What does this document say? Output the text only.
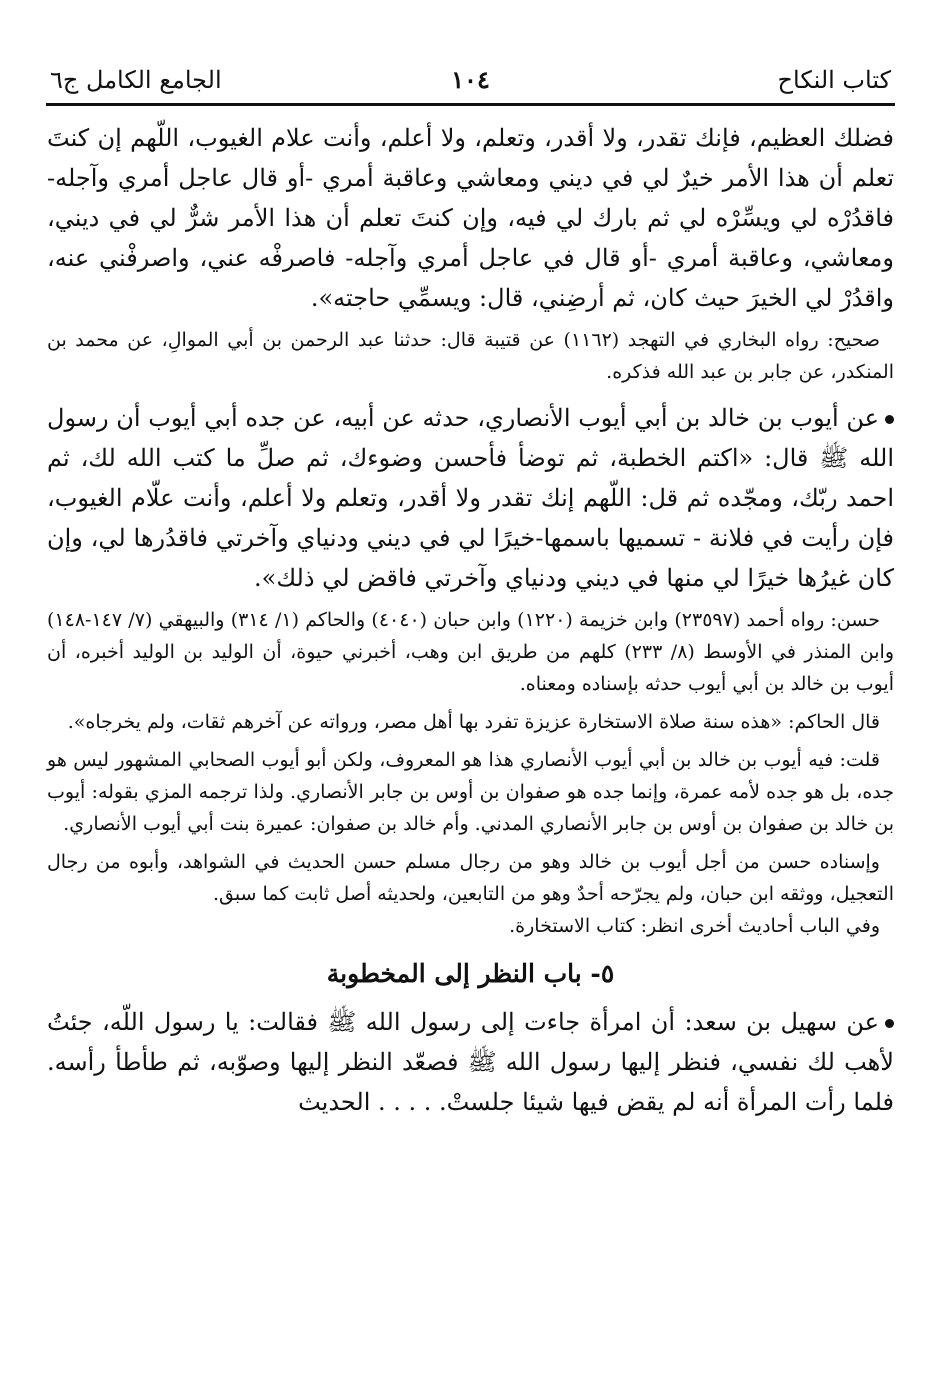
كتاب النكاح
١٠٤
الجامع الكامل ج٦

فضلك العظيم، فإنك تقدر، ولا أقدر، وتعلم، ولا أعلم، وأنت علام الغيوب، اللّهم إن كنتَ تعلم أن هذا الأمر خيرٌ لي في ديني ومعاشي وعاقبة أمري -أو قال عاجل أمري وآجله- فاقدُرْه لي ويسِّرْه لي ثم بارك لي فيه، وإن كنتَ تعلم أن هذا الأمر شرٌّ لي في ديني، ومعاشي، وعاقبة أمري -أو قال في عاجل أمري وآجله- فاصرفْه عني، واصرفْني عنه، واقدُرْ لي الخيرَ حيث كان، ثم أرضِني، قال: ويسمِّي حاجته».

صحيح: رواه البخاري في التهجد (١١٦٢) عن قتيبة قال: حدثنا عبد الرحمن بن أبي الموالِ، عن محمد بن المنكدر، عن جابر بن عبد الله فذكره.

عن أيوب بن خالد بن أبي أيوب الأنصاري، حدثه عن أبيه، عن جده أبي أيوب أن رسول الله ﷺ قال: «اكتم الخطبة، ثم توضأ فأحسن وضوءك، ثم صلِّ ما كتب الله لك، ثم احمد ربّك، ومجّده ثم قل: اللّهم إنك تقدر ولا أقدر، وتعلم ولا أعلم، وأنت علّام الغيوب، فإن رأيت في فلانة - تسميها باسمها-خيرًا لي في ديني ودنياي وآخرتي فاقدُرها لي، وإن كان غيرُها خيرًا لي منها في ديني ودنياي وآخرتي فاقض لي ذلك».

حسن: رواه أحمد (٢٣٥٩٧) وابن خزيمة (١٢٢٠) وابن حبان (٤٠٤٠) والحاكم (١/ ٣١٤) والبيهقي (٧/ ١٤٧-١٤٨) وابن المنذر في الأوسط (٨/ ٢٣٣) كلهم من طريق ابن وهب، أخبرني حيوة، أن الوليد بن الوليد أخبره، أن أيوب بن خالد بن أبي أيوب حدثه بإسناده ومعناه.

قال الحاكم: «هذه سنة صلاة الاستخارة عزيزة تفرد بها أهل مصر، ورواته عن آخرهم ثقات، ولم يخرجاه».

قلت: فيه أيوب بن خالد بن أبي أيوب الأنصاري هذا هو المعروف، ولكن أبو أيوب الصحابي المشهور ليس هو جده، بل هو جده لأمه عمرة، وإنما جده هو صفوان بن أوس بن جابر الأنصاري. ولذا ترجمه المزي بقوله: أيوب بن خالد بن صفوان بن أوس بن جابر الأنصاري المدني. وأم خالد بن صفوان: عميرة بنت أبي أيوب الأنصاري.

وإسناده حسن من أجل أيوب بن خالد وهو من رجال مسلم حسن الحديث في الشواهد، وأبوه من رجال التعجيل، ووثقه ابن حبان، ولم يجرّحه أحدٌ وهو من التابعين، ولحديثه أصل ثابت كما سبق.

وفي الباب أحاديث أخرى انظر: كتاب الاستخارة.

٥- باب النظر إلى المخطوبة

عن سهيل بن سعد: أن امرأة جاءت إلى رسول الله ﷺ فقالت: يا رسول اللّه، جئتُ لأهب لك نفسي، فنظر إليها رسول الله ﷺ فصعّد النظر إليها وصوّبه، ثم طأطأ رأسه. فلما رأت المرأة أنه لم يقض فيها شيئا جلستْ. . . . . الحديث
